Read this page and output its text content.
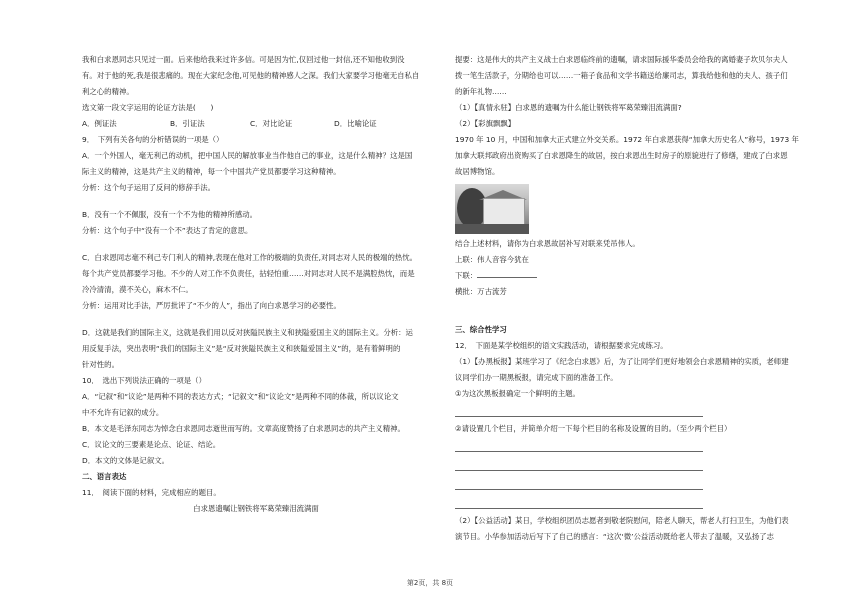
我和白求恩同志只见过一面。后来他给我来过许多信。可是因为忙,仅回过他一封信,还不知他收到没

有。对于他的死,我是很悲痛的。现在大家纪念他,可见他的精神感人之深。我们大家要学习他毫无自私自

利之心的精神。

选文第一段文字运用的论证方法是(　　)

A．例证法	B．引证法	C．对比论证	D．比喻论证

9．　下列有关各句的分析错误的一项是（）

A．一个外国人，毫无利己的动机，把中国人民的解放事业当作他自己的事业，这是什么精神？这是国

际主义的精神，这是共产主义的精神，每一个中国共产党员都要学习这种精神。

分析：这个句子运用了反问的修辞手法。

B．没有一个不佩服，没有一个不为他的精神所感动。

分析：这个句子中“没有一个不”表达了肯定的意思。

C．白求恩同志毫不利己专门利人的精神,表现在他对工作的极端的负责任,对同志对人民的极端的热忱。

每个共产党员都要学习他。不少的人对工作不负责任，拈轻怕重……对同志对人民不是满腔热忱，而是

冷冷清清，漠不关心，麻木不仁。

分析：运用对比手法，严厉批评了“不少的人”，指出了向白求恩学习的必要性。

D．这就是我们的国际主义，这就是我们用以反对狭隘民族主义和狭隘爱国主义的国际主义。分析：运

用反复手法，突出表明“我们的国际主义”是“反对狭隘民族主义和狭隘爱国主义”的，是有着鲜明的

针对性的。

10．　选出下列说法正确的一项是（）

A．“记叙”和“议论”是两种不同的表达方式；“记叙文”和“议论文”是两种不同的体裁，所以议论文

中不允许有记叙的成分。

B．本文是毛泽东同志为悼念白求恩同志逝世而写的。文章高度赞扬了白求恩同志的共产主义精神。

C．议论文的三要素是论点、论证、结论。

D．本文的文体是记叙文。

二、语言表达

11．　阅读下面的材料，完成相应的题目。

白求恩遗嘱让钢铁将军葛荣臻泪流满面

提要：这是伟大的共产主义战士白求恩临终前的遗嘱，请求国际援华委员会给我的离婚妻子坎贝尔夫人

拨一笔生活款子，分期给也可以……一箱子食品和文学书籍送给廉司志，算我给他和他的夫人、孩子们

的新年礼物……

（1）【真情永驻】白求恩的遗嘱为什么能让钢铁将军葛荣臻泪流满面?

（2）【彩旗飘飘】

1970 年 10 月，中国和加拿大正式建立外交关系。1972 年白求恩获得“加拿大历史名人”称号，1973 年

加拿大联邦政府出资购买了白求恩降生的故居，按白求恩出生时房子的原貌进行了修缮，建成了白求恩

故居博物馆。

结合上述材料，请你为白求恩故居补写对联来凭吊伟人。

上联：伟人音容今犹在

下联：

横批：万古流芳

三、综合性学习

12．　下面是某学校组织的语文实践活动，请根据要求完成练习。

（1）【办黑板报】某班学习了《纪念白求恩》后，为了让同学们更好地领会白求恩精神的实质，老师建

议同学们办一期黑板报，请完成下面的准备工作。

①为这次黑板报确定一个鲜明的主题。

②请设置几个栏目，并简单介绍一下每个栏目的名称及设置的目的。（至少两个栏目）

（2）【公益活动】某日，学校组织团员志愿者到敬老院慰问，陪老人聊天，帮老人打扫卫生，为他们表

演节目。小华参加活动后写下了自己的感言：“这次‘微’公益活动既给老人带去了温暖，又弘扬了志

第2页，共 8页
